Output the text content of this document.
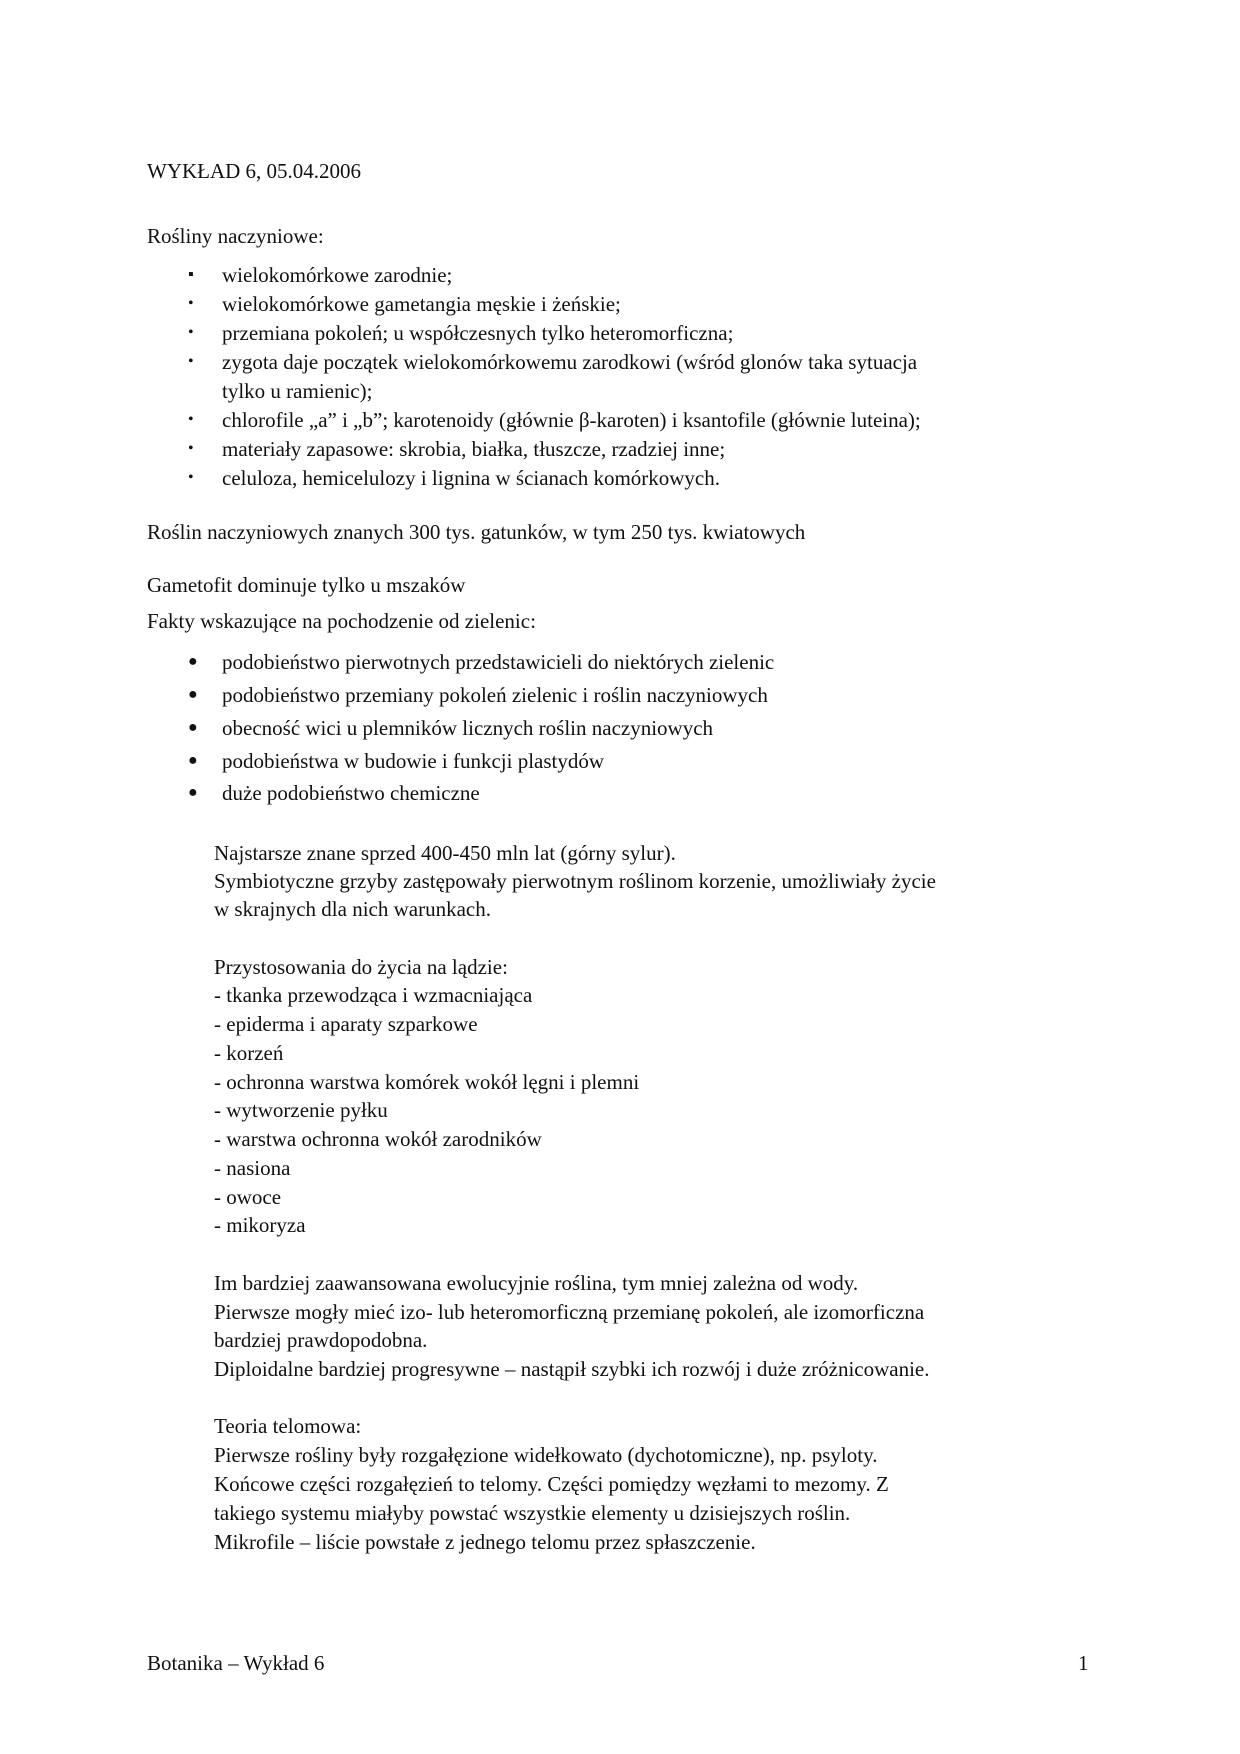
WYKŁAD 6, 05.04.2006
Rośliny naczyniowe:
▪ wielokomórkowe zarodnie;
• wielokomórkowe gametangia męskie i żeńskie;
• przemiana pokoleń; u współczesnych tylko heteromorficzna;
• zygota daje początek wielokomórkowemu zarodkowi (wśród glonów taka sytuacja
tylko u ramienic);
• chlorofile „a” i „b”; karotenoidy (głównie β-karoten) i ksantofile (głównie luteina);
• materiały zapasowe: skrobia, białka, tłuszcze, rzadziej inne;
• celuloza, hemicelulozy i lignina w ścianach komórkowych.
Roślin naczyniowych znanych 300 tys. gatunków, w tym 250 tys. kwiatowych
Gametofit dominuje tylko u mszaków
Fakty wskazujące na pochodzenie od zielenic:
● podobieństwo pierwotnych przedstawicieli do niektórych zielenic
● podobieństwo przemiany pokoleń zielenic i roślin naczyniowych
● obecność wici u plemników licznych roślin naczyniowych
● podobieństwa w budowie i funkcji plastydów
● duże podobieństwo chemiczne
Najstarsze znane sprzed 400-450 mln lat (górny sylur).
Symbiotyczne grzyby zastępowały pierwotnym roślinom korzenie, umożliwiały życie
w skrajnych dla nich warunkach.
Przystosowania do życia na lądzie:
- tkanka przewodząca i wzmacniająca
- epiderma i aparaty szparkowe
- korzeń
- ochronna warstwa komórek wokół lęgni i plemni
- wytworzenie pyłku
- warstwa ochronna wokół zarodników
- nasiona
- owoce
- mikoryza
Im bardziej zaawansowana ewolucyjnie roślina, tym mniej zależna od wody.
Pierwsze mogły mieć izo- lub heteromorficzną przemianę pokoleń, ale izomorficzna
bardziej prawdopodobna.
Diploidalne bardziej progresywne – nastąpił szybki ich rozwój i duże zróżnicowanie.
Teoria telomowa:
Pierwsze rośliny były rozgałęzione widełkowato (dychotomiczne), np. psyloty.
Końcowe części rozgałęzień to telomy. Części pomiędzy węzłami to mezomy. Z
takiego systemu miałyby powstać wszystkie elementy u dzisiejszych roślin.
Mikrofile – liście powstałe z jednego telomu przez spłaszczenie.
Botanika – Wykład 6	1
